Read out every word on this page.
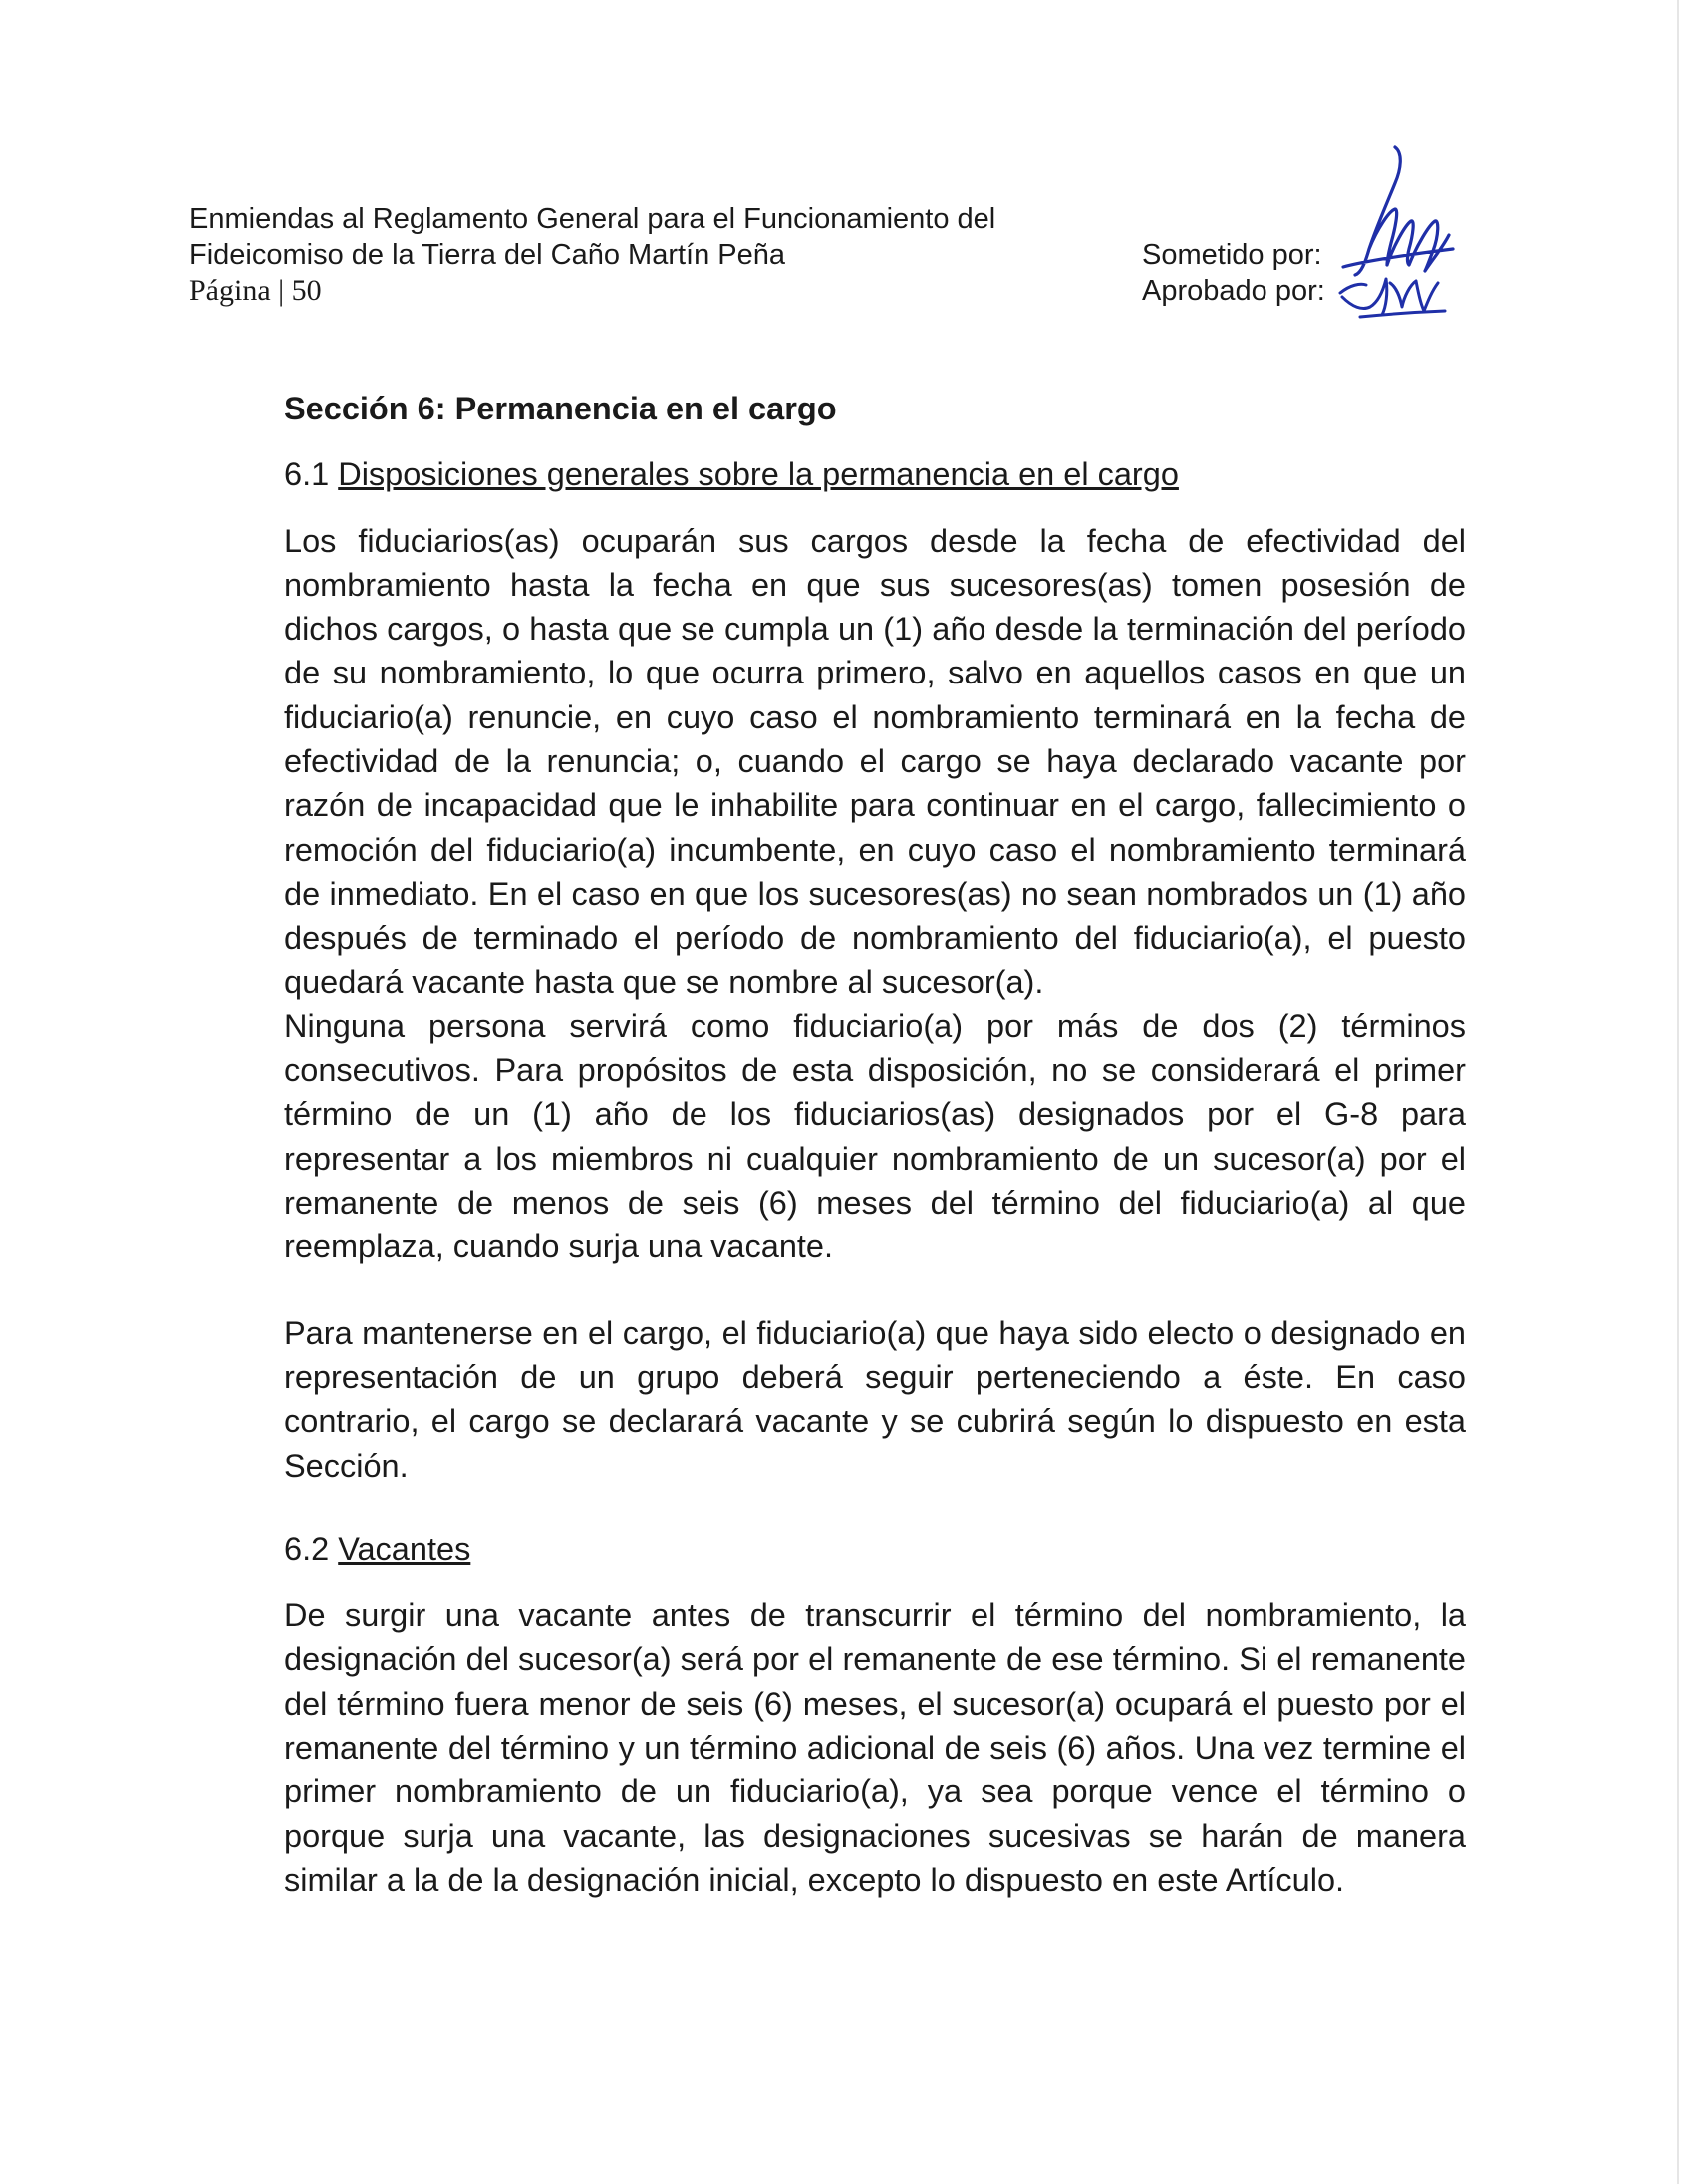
Enmiendas al Reglamento General para el Funcionamiento del
Fideicomiso de la Tierra del Caño Martín Peña
Página | 50
Sometido por:
Aprobado por:
Sección 6: Permanencia en el cargo
6.1 Disposiciones generales sobre la permanencia en el cargo

Los fiduciarios(as) ocuparán sus cargos desde la fecha de efectividad del nombramiento hasta la fecha en que sus sucesores(as) tomen posesión de dichos cargos, o hasta que se cumpla un (1) año desde la terminación del período de su nombramiento, lo que ocurra primero, salvo en aquellos casos en que un fiduciario(a) renuncie, en cuyo caso el nombramiento terminará en la fecha de efectividad de la renuncia; o, cuando el cargo se haya declarado vacante por razón de incapacidad que le inhabilite para continuar en el cargo, fallecimiento o remoción del fiduciario(a) incumbente, en cuyo caso el nombramiento terminará de inmediato. En el caso en que los sucesores(as) no sean nombrados un (1) año después de terminado el período de nombramiento del fiduciario(a), el puesto quedará vacante hasta que se nombre al sucesor(a).

Ninguna persona servirá como fiduciario(a) por más de dos (2) términos consecutivos. Para propósitos de esta disposición, no se considerará el primer término de un (1) año de los fiduciarios(as) designados por el G-8 para representar a los miembros ni cualquier nombramiento de un sucesor(a) por el remanente de menos de seis (6) meses del término del fiduciario(a) al que reemplaza, cuando surja una vacante.

Para mantenerse en el cargo, el fiduciario(a) que haya sido electo o designado en representación de un grupo deberá seguir perteneciendo a éste. En caso contrario, el cargo se declarará vacante y se cubrirá según lo dispuesto en esta Sección.

6.2 Vacantes

De surgir una vacante antes de transcurrir el término del nombramiento, la designación del sucesor(a) será por el remanente de ese término. Si el remanente del término fuera menor de seis (6) meses, el sucesor(a) ocupará el puesto por el remanente del término y un término adicional de seis (6) años. Una vez termine el primer nombramiento de un fiduciario(a), ya sea porque vence el término o porque surja una vacante, las designaciones sucesivas se harán de manera similar a la de la designación inicial, excepto lo dispuesto en este Artículo.
